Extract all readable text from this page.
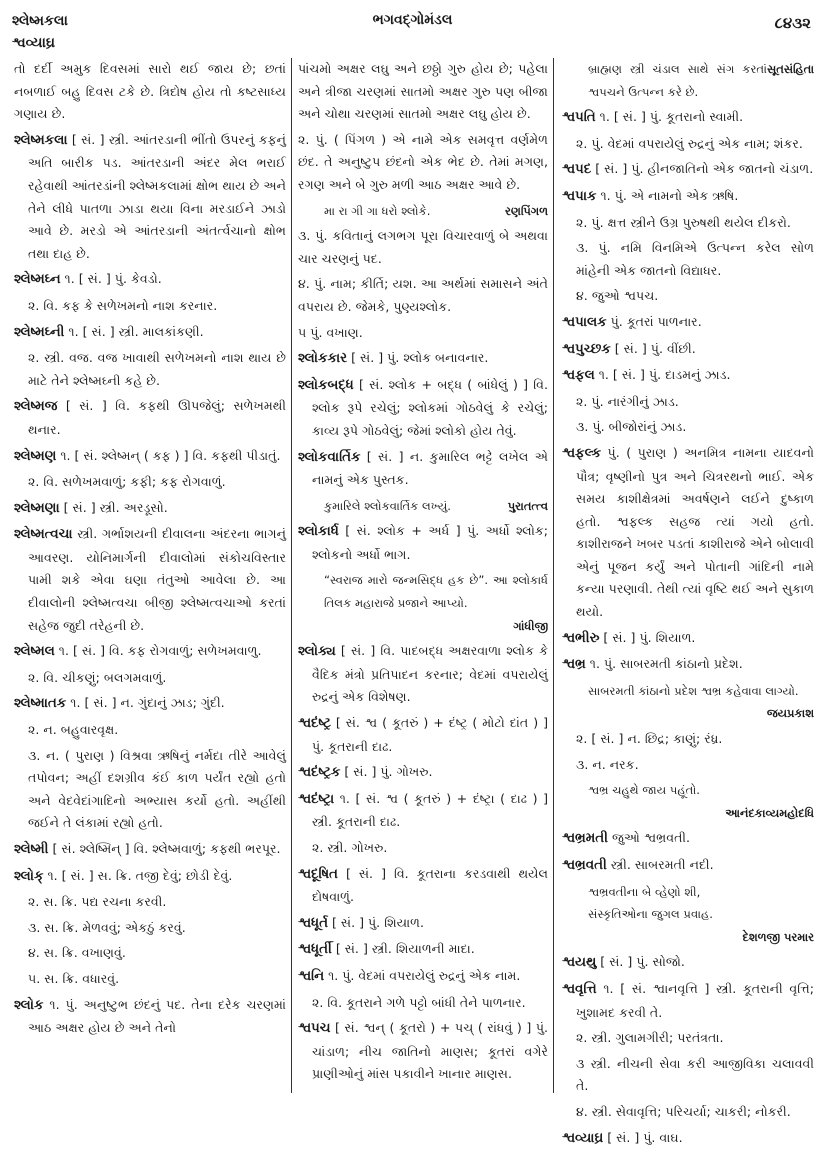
શ્લેષ્મકલા
શ્વવ્યાઘ્ર
ભગવદ્ગોમંડલ	૮૪૩૨
તો દર્દી અમુક દિવસમાં સારો થઈ જાય છે; છતાં નબળાઈ બહુ દિવસ ટકે છે. ત્રિદોષ હોય તો કષ્ટસાધ્ય ગણાય છે.
શ્લેષ્મકલા [ સં. ] સ્ત્રી. આંતરડાની ભીંતો ઉપરનું કફનું અતિ બારીક પડ. આંતરડાની અંદર મેલ ભરાઈ રહેવાથી આંતરડાંની શ્લેષ્મકલામાં ક્ષોભ થાય છે અને તેને લીધે પાતળા ઝાડા થયા વિના મરડાઈને ઝાડો આવે છે. મરડો એ આંતરડાની અંતર્ત્વચાનો ક્ષોભ તથા દાહ છે.
શ્લેષ્મઘ્ન ૧. [ સં. ] પું. કેવડો.
૨. વિ. કફ કે સળેખમનો નાશ કરનાર.
શ્લેષ્મઘ્ની ૧. [ સં. ] સ્ત્રી. માલકાંકણી.
૨. સ્ત્રી. વજ. વજ ખાવાથી સળેખમનો નાશ થાય છે માટે તેને શ્લેષ્મઘ્ની કહે છે.
શ્લેષ્મજ [ સં. ] વિ. કફથી ઊપજેલું; સળેખમથી થનાર.
શ્લેષ્મણ ૧. [ સં. શ્લેષ્મન્ ( કફ ) ] વિ. કફથી પીડાતું.
૨. વિ. સળેખમવાળું; કફી; કફ રોગવાળું.
શ્લેષ્મણા [ સં. ] સ્ત્રી. અરડૂસો.
શ્લેષ્મત્વચા સ્ત્રી. ગર્ભાશયની દીવાલના અંદરના ભાગનું આવરણ. યોનિમાર્ગની દીવાલોમાં સંકોચવિસ્તાર પામી શકે એવા ઘણા તંતુઓ આવેલા છે. આ દીવાલોની શ્લેષ્મત્વચા બીજી શ્લેષ્મત્વચાઓ કરતાં સહેજ જુદી તરેહની છે.
શ્લેષ્મલ ૧. [ સં. ] વિ. કફ રોગવાળું; સળેખમવાળુ.
૨. વિ. ચીકણું; બલગમવાળું.
શ્લેષ્માતક ૧. [ સં. ] ન. ગુંદાનું ઝાડ; ગુંદી.
૨. ન. બહુવારવૃક્ષ.
૩. ન. ( પુરાણ ) વિશ્રવા ઋષિનું નર્મદા તીરે આવેલું તપોવન; અહીં દશગ્રીવ કંઈ કાળ પર્યંત રહ્યો હતો અને વેદવેદાંગાદિનો અભ્યાસ કર્યો હતો. અહીંથી જઈને તે લંકામાં રહ્યો હતો.
શ્લેષ્મી [ સં. શ્લેષ્મિન્ ] વિ. શ્લેષ્મવાળું; કફથી ભરપૂર.
શ્લોક્ ૧. [ સં. ] સ. ક્રિ. તજી દેવું; છોડી દેવું.
૨. સ. ક્રિ. પદ્ય રચના કરવી.
૩. સ. ક્રિ. મેળવવું; એકઠું કરવું.
૪. સ. ક્રિ. વખાણવું.
૫. સ. ક્રિ. વધારવું.
શ્લોક ૧. પું. અનુષ્ટુભ છંદનું પદ. તેના દરેક ચરણમાં આઠ અક્ષર હોય છે અને તેનો
પાંચમો અક્ષર લઘુ અને છઠ્ઠો ગુરુ હોય છે; પહેલા અને ત્રીજા ચરણમાં સાતમો અક્ષર ગુરુ પણ બીજા અને ચોથા ચરણમાં સાતમો અક્ષર લઘુ હોય છે.
૨. પું. ( પિંગળ ) એ નામે એક સમવૃત્ત વર્ણમેળ છંદ. તે અનુષ્ટુપ છંદનો એક ભેદ છે. તેમાં મગણ, રગણ અને બે ગુરુ મળી આઠ અક્ષર આવે છે.
રણપિંગળ
મા રા ગી ગા ધરો શ્લોકે.
૩. પું. કવિતાનું લગભગ પૂરા વિચારવાળું બે અથવા ચાર ચરણનું પદ.
૪. પું. નામ; કીર્તિ; યશ. આ અર્થમાં સમાસને અંતે વપરાય છે. જેમકે, પુણ્યશ્લોક.
૫ પું. વખાણ.
શ્લોકકાર [ સં. ] પું. શ્લોક બનાવનાર.
શ્લોકબદ્ધ [ સં. શ્લોક + બદ્ધ ( બાંધેલું ) ] વિ. શ્લોક રૂપે રચેલું; શ્લોકમાં ગોઠવેલું કે રચેલું; કાવ્ય રૂપે ગોઠવેલું; જેમાં શ્લોકો હોય તેવું.
શ્લોકવાર્તિક [ સં. ] ન. કુમારિલ ભટ્ટે લખેલ એ નામનું એક પુસ્તક.
પુરાતત્ત્વ
કુમારિલે શ્લોકવાર્તિક લખ્યું.
શ્લોકાર્ધ [ સં. શ્લોક + અર્ધ ] પું. અર્ધો શ્લોક; શ્લોકનો અર્ધો ભાગ.
“સ્વરાજ મારો જન્મસિદ્ધ હક છે”. આ શ્લોકાર્ધ તિલક મહારાજે પ્રજાને આપ્યો.
ગાંધીજી
શ્લોક્ય [ સં. ] વિ. પાદબદ્ધ અક્ષરવાળા શ્લોક કે વૈદિક મંત્રો પ્રતિપાદન કરનાર; વેદમાં વપરાયેલું રુદ્રનું એક વિશેષણ.
શ્વદંષ્ટ્ર [ સં. શ્વ ( કૂતરું ) + દંષ્ટ્ર ( મોટો દાંત ) ] પું. કૂતરાની દાઢ.
શ્વદંષ્ટ્રક [ સં. ] પું. ગોખરુ.
શ્વદંષ્ટ્રા ૧. [ સં. શ્વ ( કૂતરું ) + દંષ્ટ્રા ( દાઢ ) ] સ્ત્રી. કૂતરાની દાઢ.
૨. સ્ત્રી. ગોખરુ.
શ્વદૂષિત [ સં. ] વિ. કૂતરાના કરડવાથી થયેલ દોષવાળું.
શ્વધૂર્ત [ સં. ] પું. શિયાળ.
શ્વધૂર્તી [ સં. ] સ્ત્રી. શિયાળની માદા.
શ્વનિ ૧. પું. વેદમાં વપરાયેલું રુદ્રનું એક નામ.
૨. વિ. કૂતરાને ગળે પટ્ટો બાંધી તેને પાળનાર.
શ્વપચ [ સં. શ્વન્ ( કૂતરો ) + પચ્ ( રાંધવું ) ] પું. ચાંડાળ; નીચ જાતિનો માણસ; કૂતરાં વગેરે પ્રાણીઓનું માંસ પકાવીને ખાનાર માણસ.
સૂતસંહિતા
બ્રાહ્મણ સ્ત્રી ચંડાલ સાથે સંગ કરતાં શ્વપચને ઉત્પન્ન કરે છે.
શ્વપતિ ૧. [ સં. ] પું. કૂતરાનો સ્વામી.
૨. પું. વેદમાં વપરાયેલું રુદ્રનું એક નામ; શંકર.
શ્વપદ [ સં. ] પું. હીનજાતિનો એક જાતનો ચંડાળ.
શ્વપાક ૧. પું. એ નામનો એક ઋષિ.
૨. પું. ક્ષત્ત સ્ત્રીને ઉગ્ર પુરુષથી થયેલ દીકરો.
૩. પું. નમિ વિનમિએ ઉત્પન્ન કરેલ સોળ માંહેની એક જાતનો વિદ્યાધર.
૪. જુઓ શ્વપચ.
શ્વપાલક પું. કૂતરાં પાળનાર.
શ્વપુચ્છક [ સં. ] પું. વીંછી.
શ્વફલ ૧. [ સં. ] પું. દાડમનું ઝાડ.
૨. પું. નારંગીનું ઝાડ.
૩. પું. બીજોરાંનું ઝાડ.
શ્વફલ્ક પું. ( પુરાણ ) અનમિત્ર નામના યાદવનો પૌત્ર; વૃષ્ણીનો પુત્ર અને ચિત્રરથનો ભાઈ. એક સમય કાશીક્ષેત્રમાં અવર્ષણને લઈને દુષ્કાળ હતો. શ્વફલ્ક સહજ ત્યાં ગયો હતો. કાશીરાજને ખબર પડતાં કાશીરાજે એને બોલાવી એનું પૂજન કર્યું અને પોતાની ગાંદિની નામે કન્યા પરણાવી. તેથી ત્યાં વૃષ્ટિ થઈ અને સુકાળ થયો.
શ્વભીરુ [ સં. ] પું. શિયાળ.
શ્વભ્ર ૧. પું. સાબરમતી કાંઠાનો પ્રદેશ.
સાબરમતી કાંઠાનો પ્રદેશ શ્વભ્ર કહેવાવા લાગ્યો.
જયપ્રકાશ
૨. [ સં. ] ન. છિદ્ર; કાણું; રંધ્ર.
૩. ન. નરક.
શ્વભ્ર ચહુથે જાય પહૂંતો.
આનંદકાવ્યમહોદધિ
શ્વભ્રમતી જુઓ શ્વભ્રવતી.
શ્વભ્રવતી સ્ત્રી. સાબરમતી નદી.
શ્વભ્રવતીના બે વ્હેણો શી,
સંસ્કૃતિઓના જુગલ પ્રવાહ.
દેશળજી પરમાર
શ્વયથુ [ સં. ] પું. સોજો.
શ્વવૃત્તિ ૧. [ સં. શ્વાનવૃત્તિ ] સ્ત્રી. કૂતરાની વૃત્તિ; ખુશામદ કરવી તે.
૨. સ્ત્રી. ગુલામગીરી; પરતંત્રતા.
૩ સ્ત્રી. નીચની સેવા કરી આજીવિકા ચલાવવી તે.
૪. સ્ત્રી. સેવાવૃત્તિ; પરિચર્યા; ચાકરી; નોકરી.
શ્વવ્યાઘ્ર [ સં. ] પું. વાઘ.
